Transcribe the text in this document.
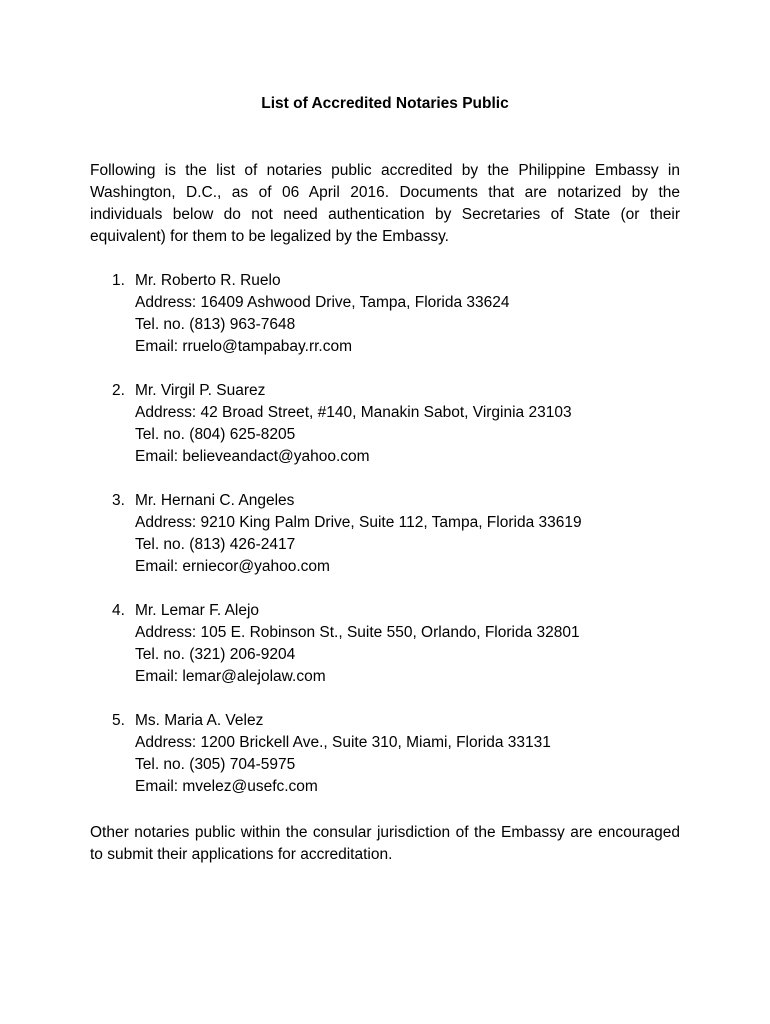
List of Accredited Notaries Public

Following is the list of notaries public accredited by the Philippine Embassy in Washington, D.C., as of 06 April 2016. Documents that are notarized by the individuals below do not need authentication by Secretaries of State (or their equivalent) for them to be legalized by the Embassy.

1. Mr. Roberto R. Ruelo
Address: 16409 Ashwood Drive, Tampa, Florida 33624
Tel. no. (813) 963-7648
Email: rruelo@tampabay.rr.com
2. Mr. Virgil P. Suarez
Address: 42 Broad Street, #140, Manakin Sabot, Virginia 23103
Tel. no. (804) 625-8205
Email: believeandact@yahoo.com
3. Mr. Hernani C. Angeles
Address: 9210 King Palm Drive, Suite 112, Tampa, Florida 33619
Tel. no. (813) 426-2417
Email: erniecor@yahoo.com
4. Mr. Lemar F. Alejo
Address: 105 E. Robinson St., Suite 550, Orlando, Florida 32801
Tel. no. (321) 206-9204
Email: lemar@alejolaw.com
5. Ms. Maria A. Velez
Address: 1200 Brickell Ave., Suite 310, Miami, Florida 33131
Tel. no. (305) 704-5975
Email: mvelez@usefc.com

Other notaries public within the consular jurisdiction of the Embassy are encouraged to submit their applications for accreditation.
